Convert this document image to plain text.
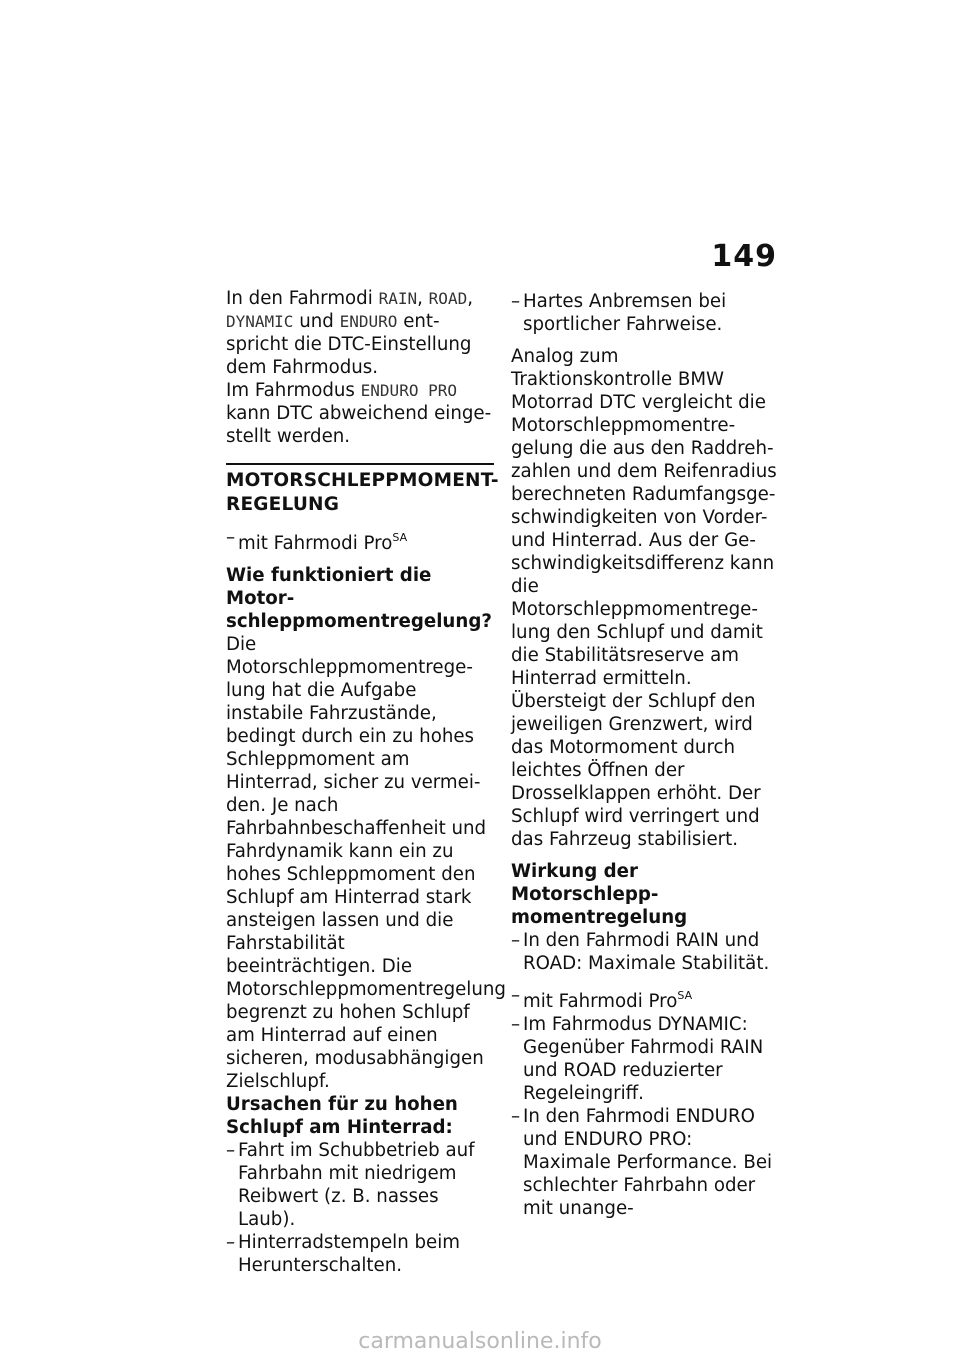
149

In den Fahrmodi RAIN, ROAD, DYNAMIC und ENDURO entspricht die DTC-Einstellung dem Fahrmodus.

Im Fahrmodus ENDURO PRO kann DTC abweichend eingestellt werden.

MOTORSCHLEPPMOMENT-REGELUNG
– mit Fahrmodi Pro$^{SA}$

Wie funktioniert die Motorschleppmomentregelung?

Die Motorschleppmomentregelung hat die Aufgabe instabile Fahrzustände, bedingt durch ein zu hohes Schleppmoment am Hinterrad, sicher zu vermeiden. Je nach Fahrbahnbeschaffenheit und Fahrdynamik kann ein zu hohes Schleppmoment den Schlupf am Hinterrad stark ansteigen lassen und die Fahrstabilität beeinträchtigen. Die Motorschleppmomentregelung begrenzt zu hohen Schlupf am Hinterrad auf einen sicheren, modusabhängigen Zielschlupf.

Ursachen für zu hohen Schlupf am Hinterrad:

– Fahrt im Schubbetrieb auf Fahrbahn mit niedrigem Reibwert (z. B. nasses Laub).
– Hinterradstempeln beim Herunterschalten.
– Hartes Anbremsen bei sportlicher Fahrweise.

Analog zum Traktionskontrolle BMW Motorrad DTC vergleicht die Motorschleppmomentregelung die aus den Raddrehzahlen und dem Reifenradius berechneten Radumfangsgeschwindigkeiten von Vorder- und Hinterrad. Aus der Geschwindigkeitsdifferenz kann die Motorschleppmomentregelung den Schlupf und damit die Stabilitätsreserve am Hinterrad ermitteln.

Übersteigt der Schlupf den jeweiligen Grenzwert, wird das Motormoment durch leichtes Öffnen der Drosselklappen erhöht. Der Schlupf wird verringert und das Fahrzeug stabilisiert.

Wirkung der Motorschleppmomentregelung

– In den Fahrmodi RAIN und ROAD: Maximale Stabilität.
– mit Fahrmodi Pro$^{SA}$
– Im Fahrmodus DYNAMIC: Gegenüber Fahrmodi RAIN und ROAD reduzierter Regeleingriff.
– In den Fahrmodi ENDURO und ENDURO PRO: Maximale Performance. Bei schlechter Fahrbahn oder mit unange-
carmanualsonline.info
